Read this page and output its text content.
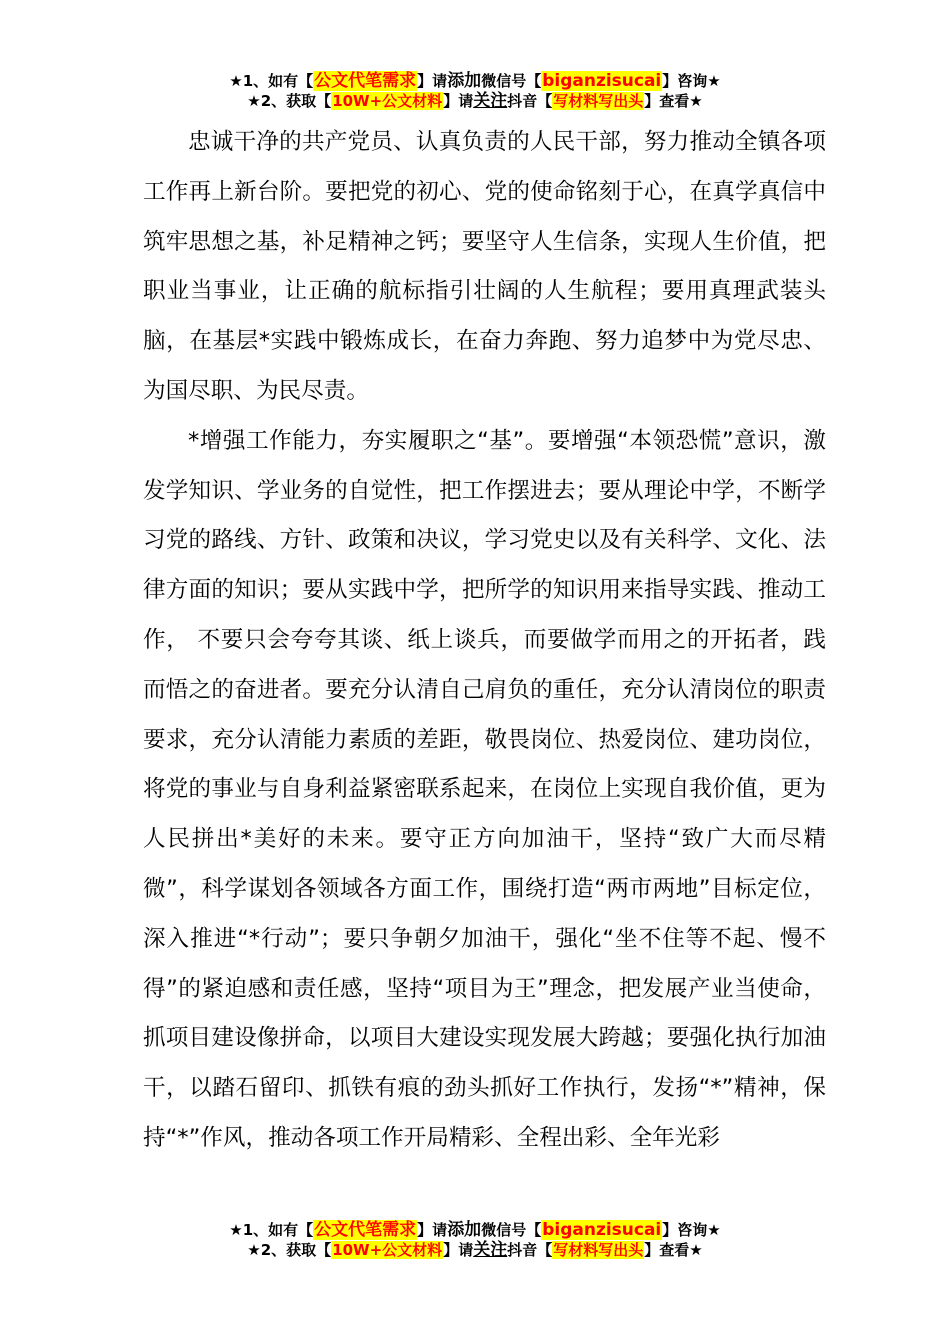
★1、如有【公文代笔需求】请添加微信号【biganzisucai】咨询★
★2、获取【10W+公文材料】请关注抖音【写材料写出头】查看★

忠诚干净的共产党员、认真负责的人民干部，努力推动全镇各项工作再上新台阶。要把党的初心、党的使命铭刻于心，在真学真信中筑牢思想之基，补足精神之钙；要坚守人生信条，实现人生价值，把职业当事业，让正确的航标指引壮阔的人生航程；要用真理武装头脑，在基层*实践中锻炼成长，在奋力奔跑、努力追梦中为党尽忠、为国尽职、为民尽责。

*增强工作能力，夯实履职之“基”。要增强“本领恐慌”意识，激发学知识、学业务的自觉性，把工作摆进去；要从理论中学，不断学习党的路线、方针、政策和决议，学习党史以及有关科学、文化、法律方面的知识；要从实践中学，把所学的知识用来指导实践、推动工作， 不要只会夸夸其谈、纸上谈兵，而要做学而用之的开拓者，践而悟之的奋进者。要充分认清自己肩负的重任，充分认清岗位的职责要求，充分认清能力素质的差距，敬畏岗位、热爱岗位、建功岗位，将党的事业与自身利益紧密联系起来，在岗位上实现自我价值，更为人民拼出*美好的未来。要守正方向加油干，坚持“致广大而尽精微”，科学谋划各领域各方面工作，围绕打造“两市两地”目标定位，深入推进“*行动”；要只争朝夕加油干，强化“坐不住等不起、慢不得”的紧迫感和责任感，坚持“项目为王”理念，把发展产业当使命，抓项目建设像拼命，以项目大建设实现发展大跨越；要强化执行加油干，以踏石留印、抓铁有痕的劲头抓好工作执行，发扬“*”精神，保持“*”作风，推动各项工作开局精彩、全程出彩、全年光彩

★1、如有【公文代笔需求】请添加微信号【biganzisucai】咨询★
★2、获取【10W+公文材料】请关注抖音【写材料写出头】查看★
